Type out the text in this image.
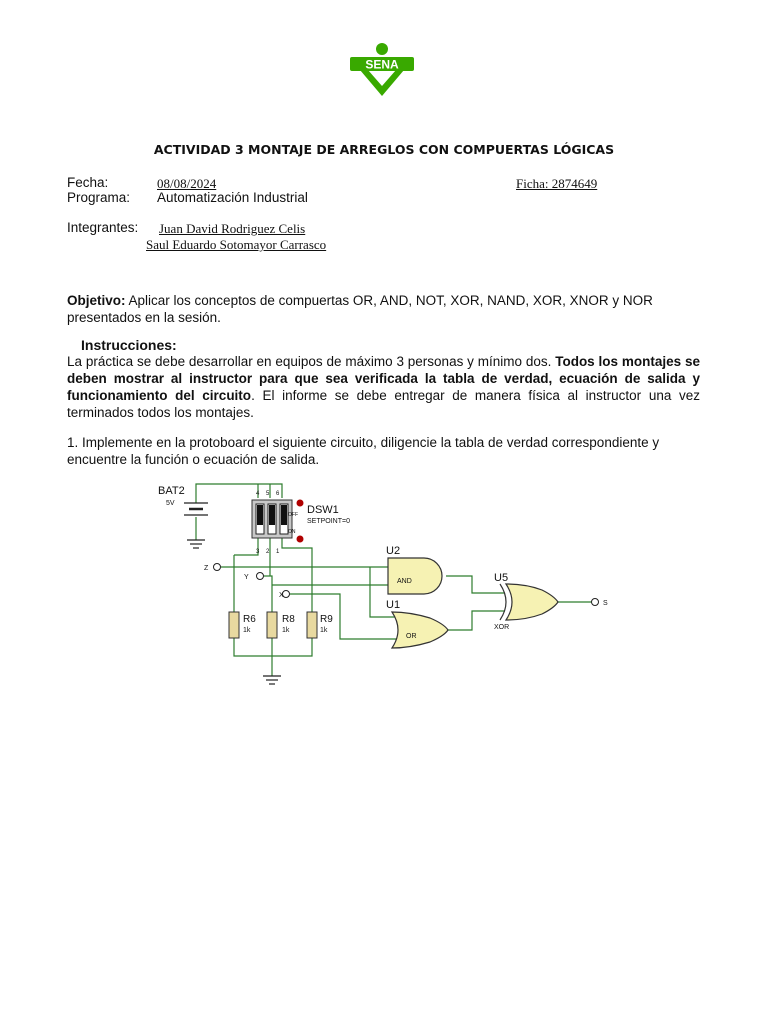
SENA
ACTIVIDAD 3 MONTAJE DE ARREGLOS CON COMPUERTAS LÓGICAS
Fecha:	08/08/2024	Ficha: 2874649
Programa: Automatización Industrial
Integrantes: Juan David Rodriguez Celis
Saul Eduardo Sotomayor Carrasco
Objetivo: Aplicar los conceptos de compuertas OR, AND, NOT, XOR, NAND, XOR, XNOR y NOR presentados en la sesión.
Instrucciones:
La práctica se debe desarrollar en equipos de máximo 3 personas y mínimo dos. Todos los montajes se deben mostrar al instructor para que sea verificada la tabla de verdad, ecuación de salida y funcionamiento del circuito. El informe se debe entregar de manera física al instructor una vez terminados todos los montajes.
1. Implemente en la protoboard el siguiente circuito, diligencie la tabla de verdad correspondiente y encuentre la función o ecuación de salida.
BAT2
5V
4 5 6
3 2 1
OFF
ON
DSW1
SETPOINT=0
Z
Y
X
R6
1k
R8
1k
R9
1k
U2
AND
U1
OR
U5
XOR
S
